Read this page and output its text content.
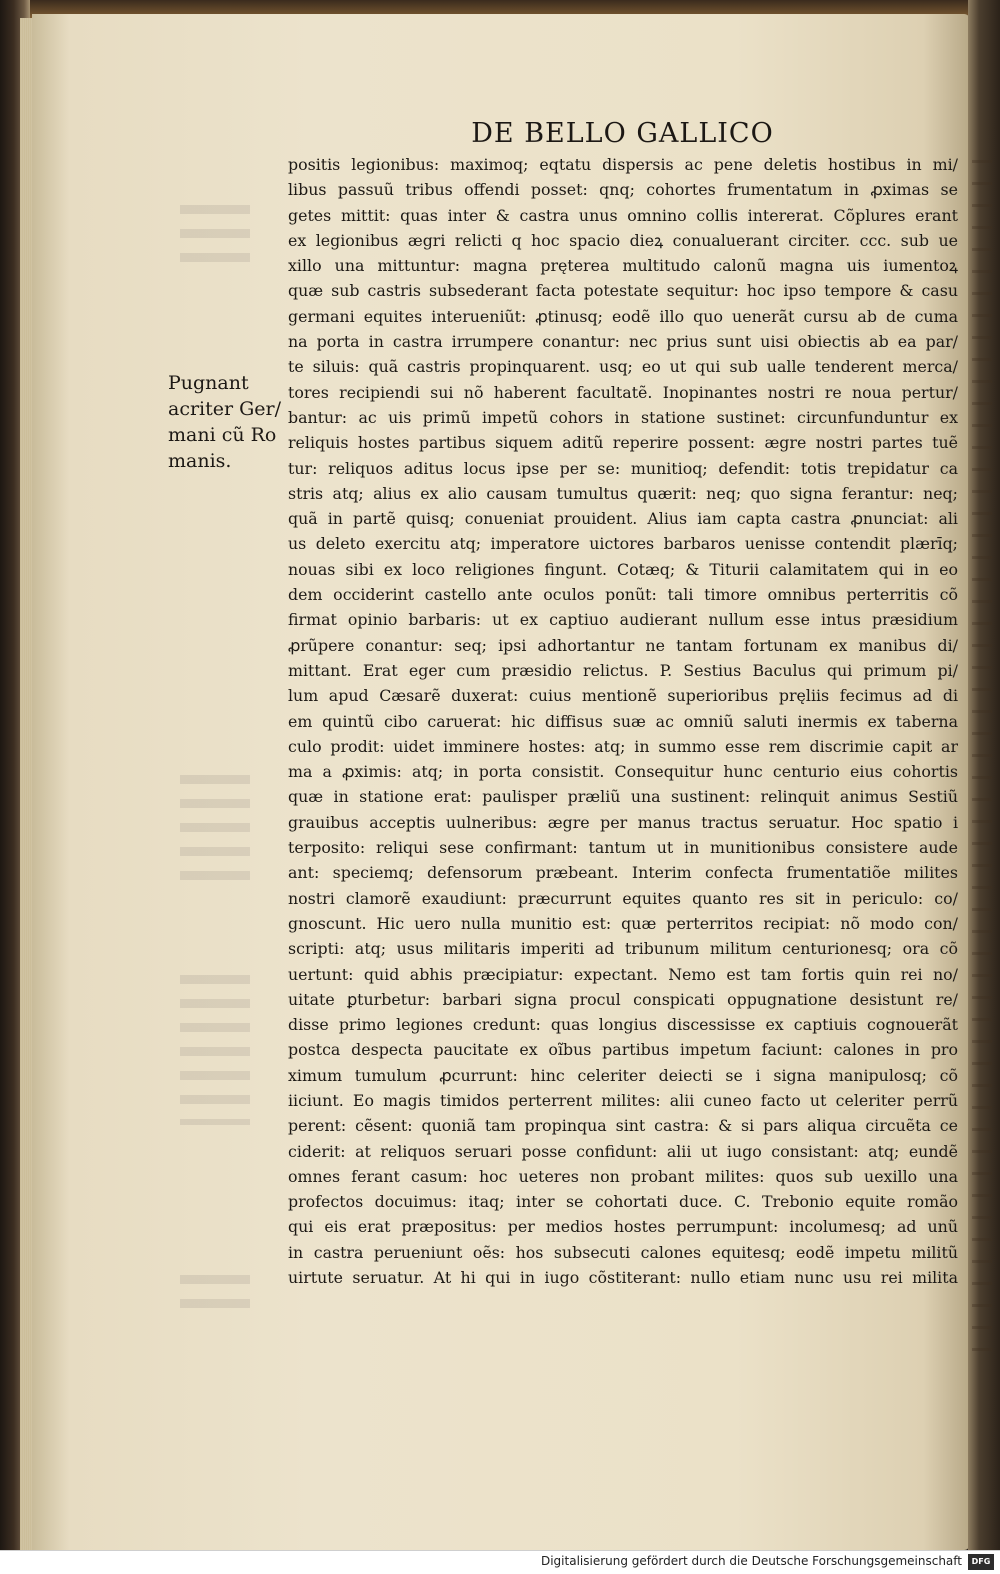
DE BELLO GALLICO
Pugnant
acriter Ger/
mani cũ Ro
manis.
positis legionibus: maximoq; eqtatu dispersis ac pene deletis hostibus in mi/
libus passuũ tribus offendi posset: qnq; cohortes frumentatum in ꝓximas se
getes mittit: quas inter & castra unus omnino collis intererat. Cõplures erant
ex legionibus ægri relicti q hoc spacio dieꝝ conualuerant circiter. ccc. sub ue
xillo una mittuntur: magna pręterea multitudo calonũ magna uis iumentoꝝ
quæ sub castris subsederant facta potestate sequitur: hoc ipso tempore & casu
germani equites interueniũt: ꝓtinusq; eodẽ illo quo uenerãt cursu ab de cuma
na porta in castra irrumpere conantur: nec prius sunt uisi obiectis ab ea par/
te siluis: quã castris propinquarent. usq; eo ut qui sub ualle tenderent merca/
tores recipiendi sui nõ haberent facultatẽ. Inopinantes nostri re noua pertur/
bantur: ac uis primũ impetũ cohors in statione sustinet: circunfunduntur ex
reliquis hostes partibus siquem aditũ reperire possent: ægre nostri partes tuẽ
tur: reliquos aditus locus ipse per se: munitioq; defendit: totis trepidatur ca
stris atq; alius ex alio causam tumultus quærit: neq; quo signa ferantur: neq;
quã in partẽ quisq; conueniat prouident. Alius iam capta castra ꝓnunciat: ali
us deleto exercitu atq; imperatore uictores barbaros uenisse contendit plærīq;
nouas sibi ex loco religiones fingunt. Cotæq; & Titurii calamitatem qui in eo
dem occiderint castello ante oculos ponũt: tali timore omnibus perterritis cõ
firmat opinio barbaris: ut ex captiuo audierant nullum esse intus præsidium
ꝓrũpere conantur: seq; ipsi adhortantur ne tantam fortunam ex manibus di/
mittant. Erat eger cum præsidio relictus. P. Sestius Baculus qui primum pi/
lum apud Cæsarẽ duxerat: cuius mentionẽ superioribus pręliis fecimus ad di
em quintũ cibo caruerat: hic diffisus suæ ac omniũ saluti inermis ex taberna
culo prodit: uidet imminere hostes: atq; in summo esse rem discrimie capit ar
ma a ꝓximis: atq; in porta consistit. Consequitur hunc centurio eius cohortis
quæ in statione erat: paulisper præliũ una sustinent: relinquit animus Sestiũ
grauibus acceptis uulneribus: ægre per manus tractus seruatur. Hoc spatio i
terposito: reliqui sese confirmant: tantum ut in munitionibus consistere aude
ant: speciemq; defensorum præbeant. Interim confecta frumentatiõe milites
nostri clamorẽ exaudiunt: præcurrunt equites quanto res sit in periculo: co/
gnoscunt. Hic uero nulla munitio est: quæ perterritos recipiat: nõ modo con/
scripti: atq; usus militaris imperiti ad tribunum militum centurionesq; ora cõ
uertunt: quid abhis præcipiatur: expectant. Nemo est tam fortis quin rei no/
uitate ꝑturbetur: barbari signa procul conspicati oppugnatione desistunt re/
disse primo legiones credunt: quas longius discessisse ex captiuis cognouerãt
postca despecta paucitate ex oĩbus partibus impetum faciunt: calones in pro
ximum tumulum ꝓcurrunt: hinc celeriter deiecti se i signa manipulosq; cõ
iiciunt. Eo magis timidos perterrent milites: alii cuneo facto ut celeriter perrũ
perent: cẽsent: quoniã tam propinqua sint castra: & si pars aliqua circuẽta ce
ciderit: at reliquos seruari posse confidunt: alii ut iugo consistant: atq; eundẽ
omnes ferant casum: hoc ueteres non probant milites: quos sub uexillo una
profectos docuimus: itaq; inter se cohortati duce. C. Trebonio equite romão
qui eis erat præpositus: per medios hostes perrumpunt: incolumesq; ad unũ
in castra perueniunt oẽs: hos subsecuti calones equitesq; eodẽ impetu militũ
uirtute seruatur. At hi qui in iugo cõstiterant: nullo etiam nunc usu rei milita
Digitalisierung gefördert durch die Deutsche Forschungsgemeinschaft	DFG
